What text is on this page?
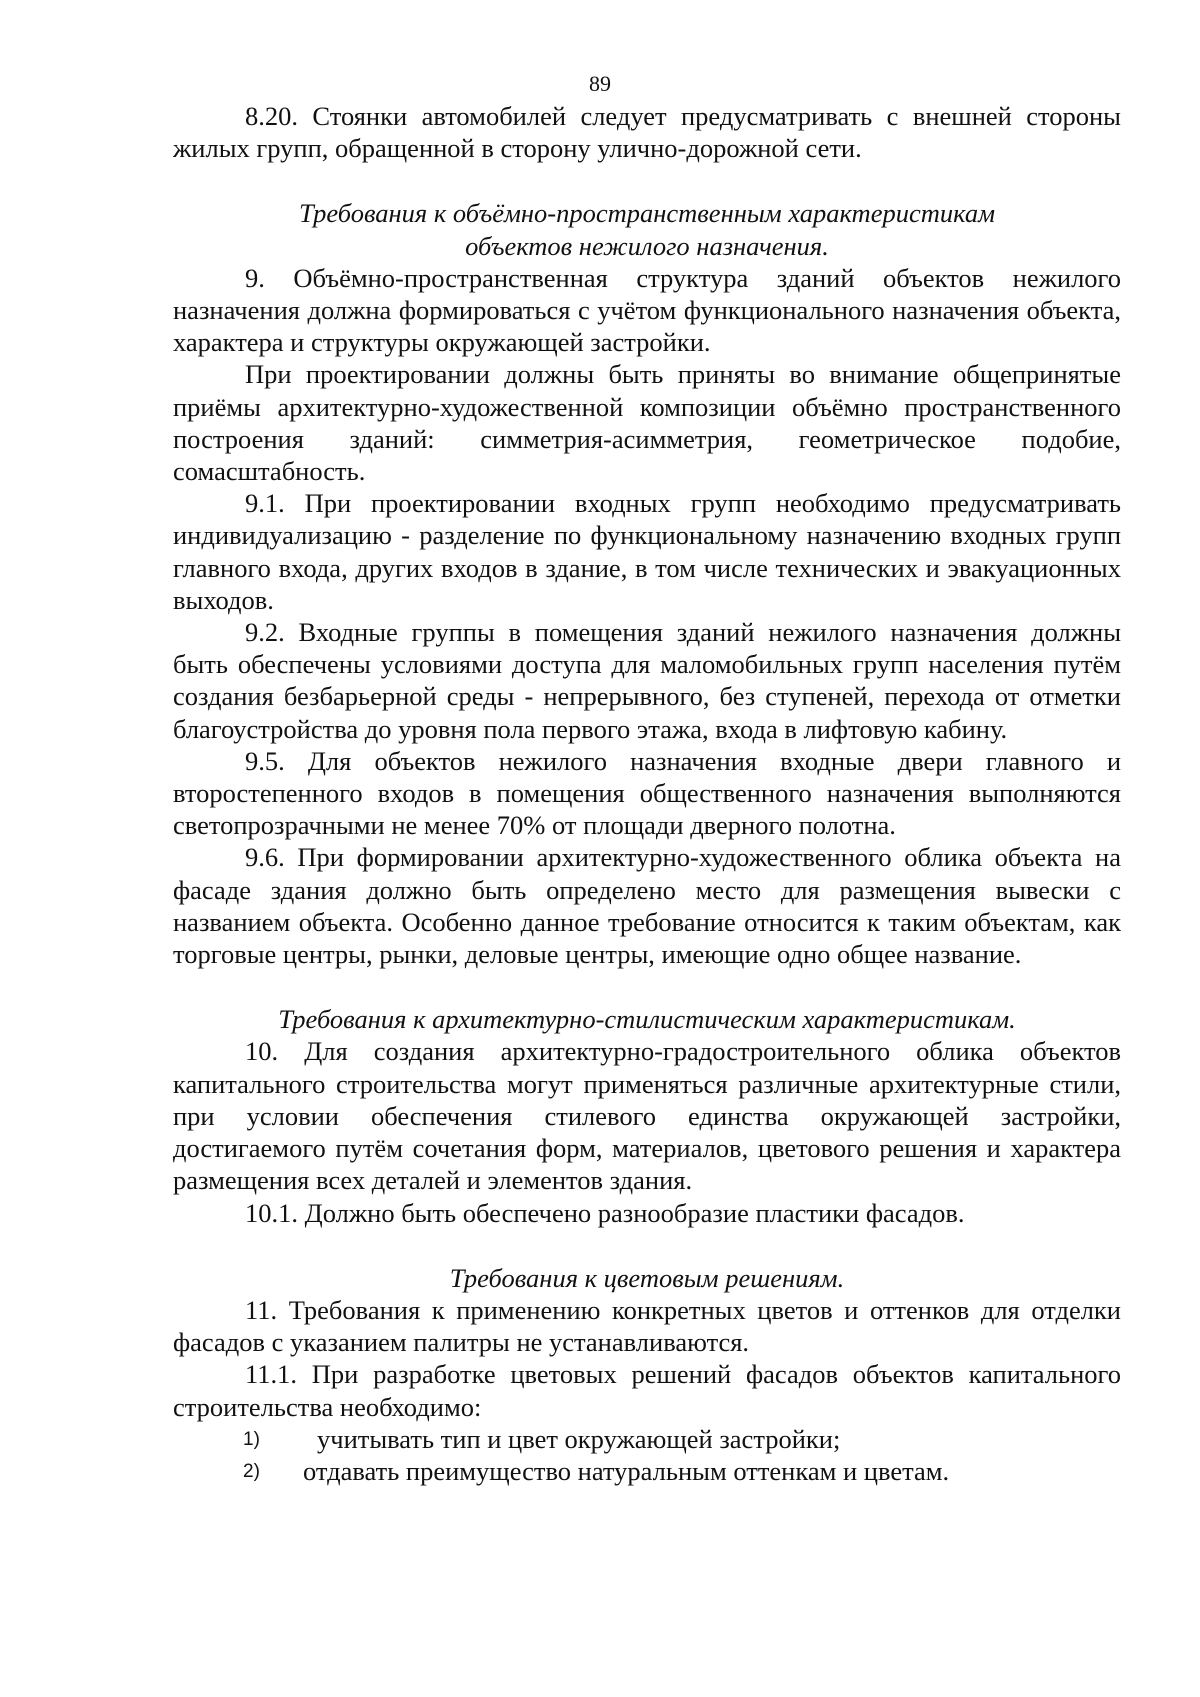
89

8.20. Стоянки автомобилей следует предусматривать с внешней стороны жилых групп, обращенной в сторону улично-дорожной сети.

Требования к объёмно-пространственным характеристикам

объектов нежилого назначения.

9. Объёмно-пространственная структура зданий объектов нежилого назначения должна формироваться с учётом функционального назначения объекта, характера и структуры окружающей застройки.

При проектировании должны быть приняты во внимание общепринятые приёмы архитектурно-художественной композиции объёмно пространственного построения зданий: симметрия-асимметрия, геометрическое подобие, сомасштабность.

9.1. При проектировании входных групп необходимо предусматривать индивидуализацию - разделение по функциональному назначению входных групп главного входа, других входов в здание, в том числе технических и эвакуационных выходов.

9.2. Входные группы в помещения зданий нежилого назначения должны быть обеспечены условиями доступа для маломобильных групп населения путём создания безбарьерной среды - непрерывного, без ступеней, перехода от отметки благоустройства до уровня пола первого этажа, входа в лифтовую кабину.

9.5. Для объектов нежилого назначения входные двери главного и второстепенного входов в помещения общественного назначения выполняются светопрозрачными не менее 70% от площади дверного полотна.

9.6. При формировании архитектурно-художественного облика объекта на фасаде здания должно быть определено место для размещения вывески с названием объекта. Особенно данное требование относится к таким объектам, как торговые центры, рынки, деловые центры, имеющие одно общее название.

Требования к архитектурно-стилистическим характеристикам.

10. Для создания архитектурно-градостроительного облика объектов капитального строительства могут применяться различные архитектурные стили, при условии обеспечения стилевого единства окружающей застройки, достигаемого путём сочетания форм, материалов, цветового решения и характера размещения всех деталей и элементов здания.

10.1. Должно быть обеспечено разнообразие пластики фасадов.

Требования к цветовым решениям.

11. Требования к применению конкретных цветов и оттенков для отделки фасадов с указанием палитры не устанавливаются.

11.1. При разработке цветовых решений фасадов объектов капитального строительства необходимо:

1) учитывать тип и цвет окружающей застройки;

2) отдавать преимущество натуральным оттенкам и цветам.
